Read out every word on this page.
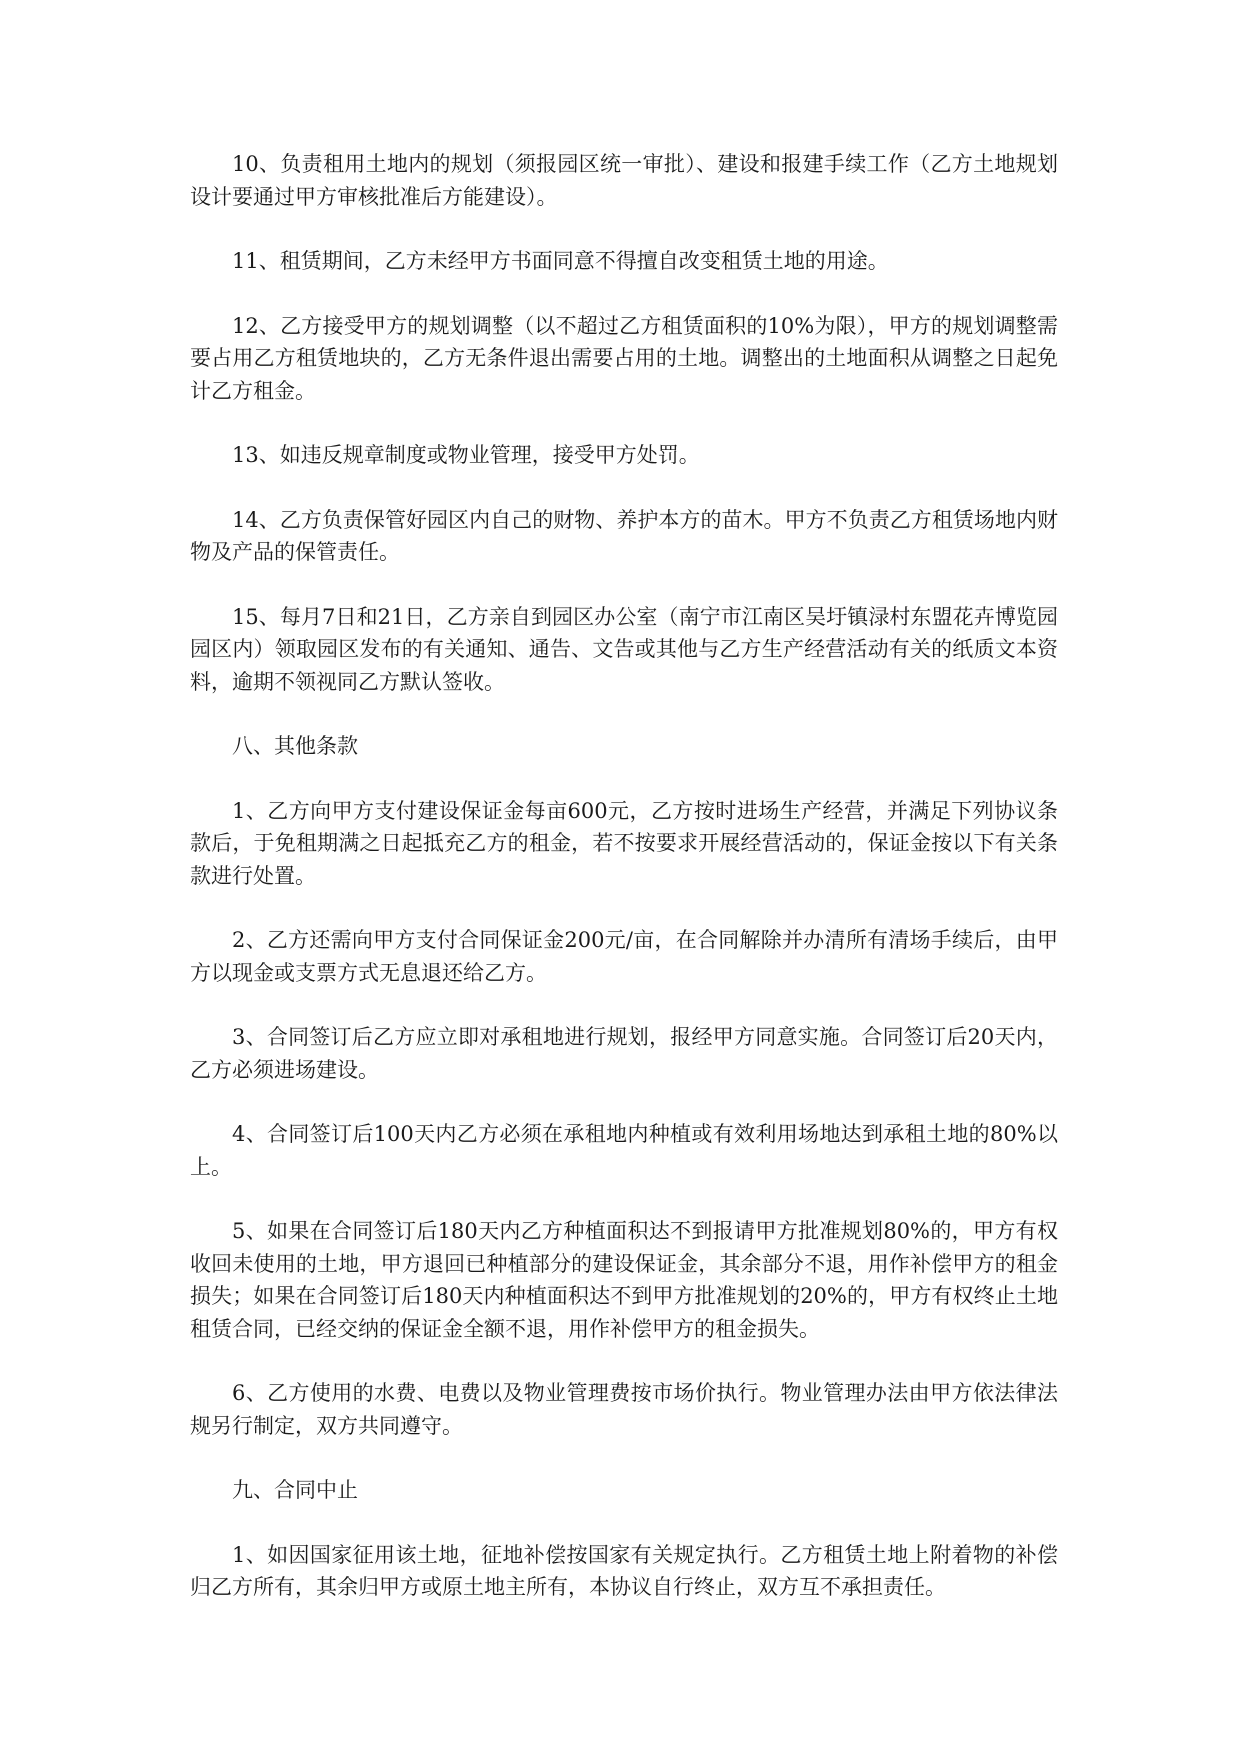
10、负责租用土地内的规划（须报园区统一审批）、建设和报建手续工作（乙方土地规划设计要通过甲方审核批准后方能建设）。

11、租赁期间，乙方未经甲方书面同意不得擅自改变租赁土地的用途。

12、乙方接受甲方的规划调整（以不超过乙方租赁面积的10%为限），甲方的规划调整需要占用乙方租赁地块的，乙方无条件退出需要占用的土地。调整出的土地面积从调整之日起免计乙方租金。

13、如违反规章制度或物业管理，接受甲方处罚。

14、乙方负责保管好园区内自己的财物、养护本方的苗木。甲方不负责乙方租赁场地内财物及产品的保管责任。

15、每月7日和21日，乙方亲自到园区办公室（南宁市江南区吴圩镇渌村东盟花卉博览园园区内）领取园区发布的有关通知、通告、文告或其他与乙方生产经营活动有关的纸质文本资料，逾期不领视同乙方默认签收。

八、其他条款

1、乙方向甲方支付建设保证金每亩600元，乙方按时进场生产经营，并满足下列协议条款后，于免租期满之日起抵充乙方的租金，若不按要求开展经营活动的，保证金按以下有关条款进行处置。

2、乙方还需向甲方支付合同保证金200元/亩，在合同解除并办清所有清场手续后，由甲方以现金或支票方式无息退还给乙方。

3、合同签订后乙方应立即对承租地进行规划，报经甲方同意实施。合同签订后20天内，乙方必须进场建设。

4、合同签订后100天内乙方必须在承租地内种植或有效利用场地达到承租土地的80%以上。

5、如果在合同签订后180天内乙方种植面积达不到报请甲方批准规划80%的，甲方有权收回未使用的土地，甲方退回已种植部分的建设保证金，其余部分不退，用作补偿甲方的租金损失；如果在合同签订后180天内种植面积达不到甲方批准规划的20%的，甲方有权终止土地租赁合同，已经交纳的保证金全额不退，用作补偿甲方的租金损失。

6、乙方使用的水费、电费以及物业管理费按市场价执行。物业管理办法由甲方依法律法规另行制定，双方共同遵守。

九、合同中止

1、如因国家征用该土地，征地补偿按国家有关规定执行。乙方租赁土地上附着物的补偿归乙方所有，其余归甲方或原土地主所有，本协议自行终止，双方互不承担责任。
